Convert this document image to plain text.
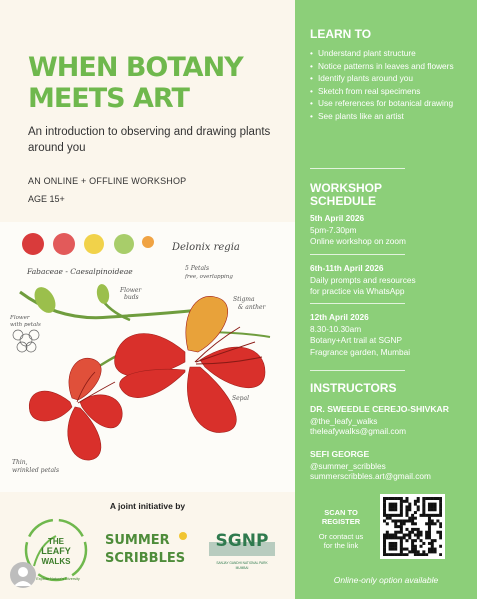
WHEN BOTANY MEETS ART
An introduction to observing and drawing plants around you
AN ONLINE + OFFLINE WORKSHOP
AGE 15+
Delonix regia
Fabaceae - Caesalpinoideae
Flower
buds
5 Petals
free, overlapping
Stigma
& anther
Sepal
Flower
with petals
Thin,
wrinkled petals
A joint initiative by
THE
LEAFY
WALKS
Explore Nature's Diversity
SUMMER
SCRIBBLES
SGNP
SANJAY GANDHI NATIONAL PARK
MUMBAI
LEARN TO
• Understand plant structure
• Notice patterns in leaves and flowers
• Identify plants around you
• Sketch from real specimens
• Use references for botanical drawing
• See plants like an artist
WORKSHOP
SCHEDULE
5th April 2026
5pm-7.30pm
Online workshop on zoom
6th-11th April 2026
Daily prompts and resources
for practice via WhatsApp
12th April 2026
8.30-10.30am
Botany+Art trail at SGNP
Fragrance garden, Mumbai
INSTRUCTORS
DR. SWEEDLE CEREJO-SHIVKAR
@the_leafy_walks
theleafywalks@gmail.com
SEFI GEORGE
@summer_scribbles
summerscribbles.art@gmail.com
SCAN TO
REGISTER
Or contact us
for the link
Online-only option available
